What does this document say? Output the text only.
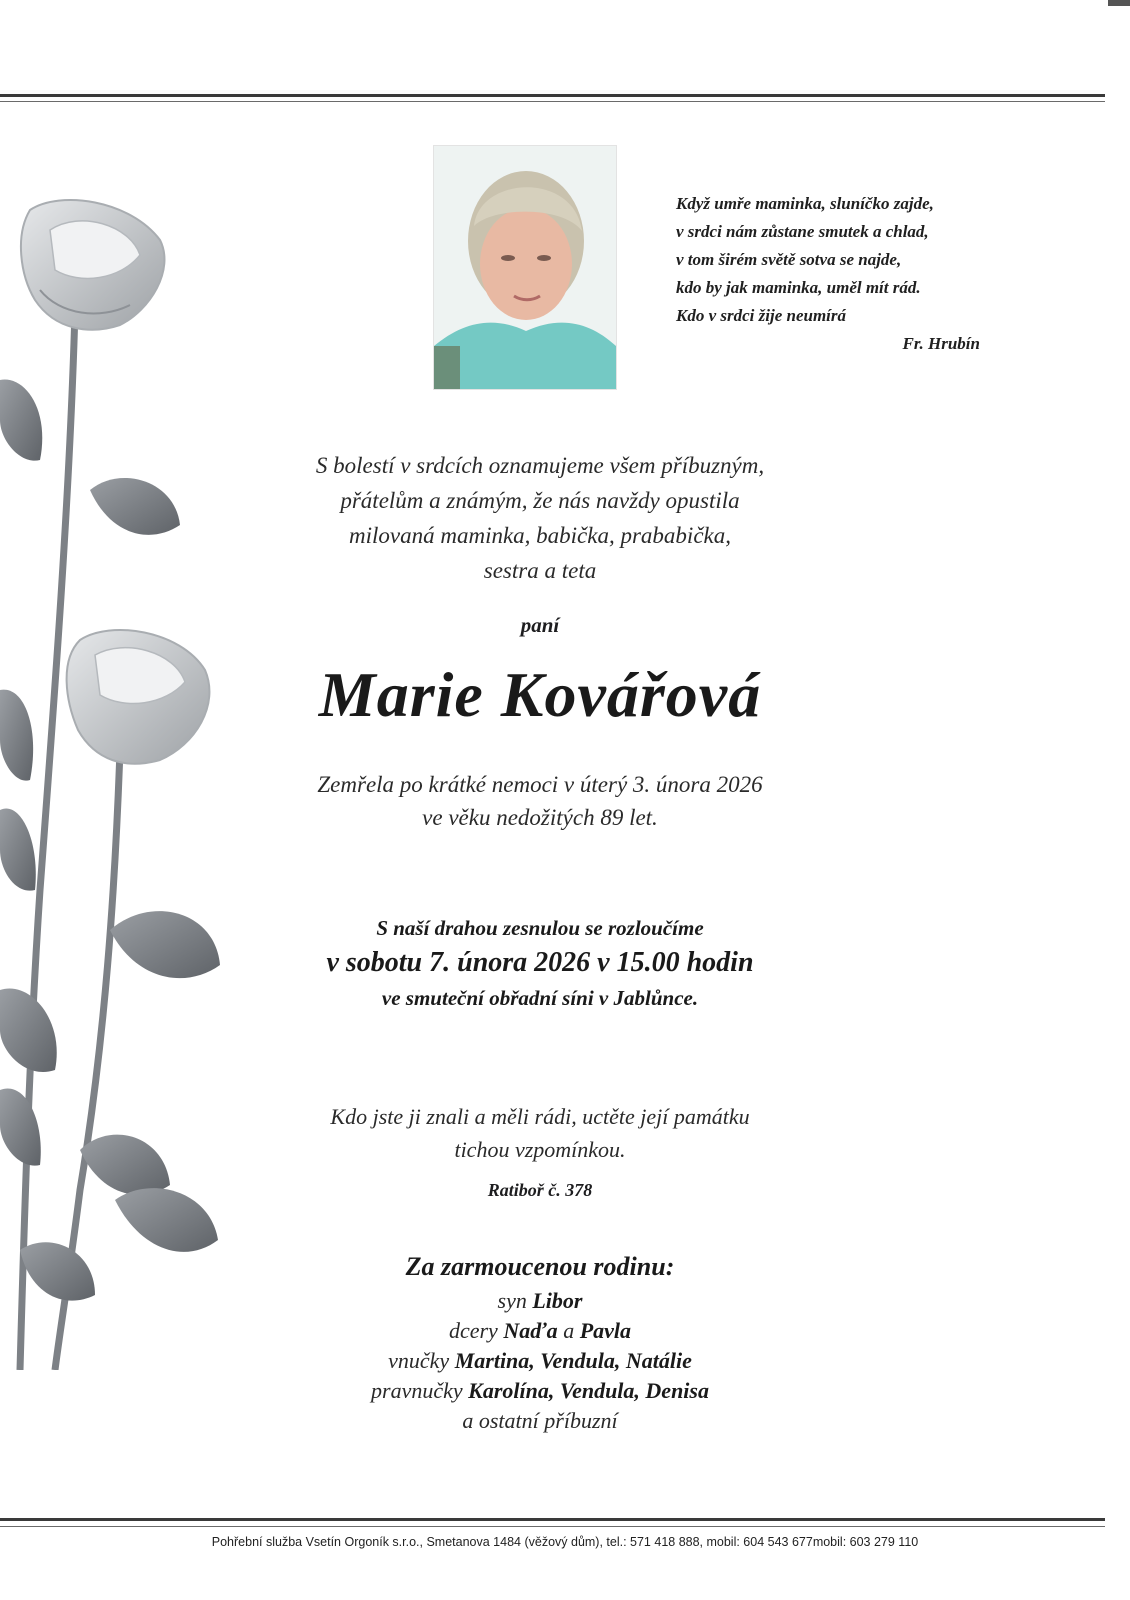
Když umře maminka, sluníčko zajde,
v srdci nám zůstane smutek a chlad,
v tom širém světě sotva se najde,
kdo by jak maminka, uměl mít rád.
Kdo v srdci žije neumírá
Fr. Hrubín
S bolestí v srdcích oznamujeme všem příbuzným,
přátelům a známým, že nás navždy opustila
milovaná maminka, babička, prababička,
sestra a teta
paní
Marie Kovářová
Zemřela po krátké nemoci v úterý 3. února 2026
ve věku nedožitých 89 let.
S naší drahou zesnulou se rozloučíme
v sobotu 7. února 2026 v 15.00 hodin
ve smuteční obřadní síni v Jablůnce.
Kdo jste ji znali a měli rádi, uctěte její památku
tichou vzpomínkou.
Ratiboř č. 378
Za zarmoucenou rodinu:
syn Libor
dcery Naďa a Pavla
vnučky Martina, Vendula, Natálie
pravnučky Karolína, Vendula, Denisa
a ostatní příbuzní
Pohřební služba Vsetín Orgoník s.r.o., Smetanova 1484 (věžový dům), tel.: 571 418 888, mobil: 604 543 677mobil: 603 279 110
